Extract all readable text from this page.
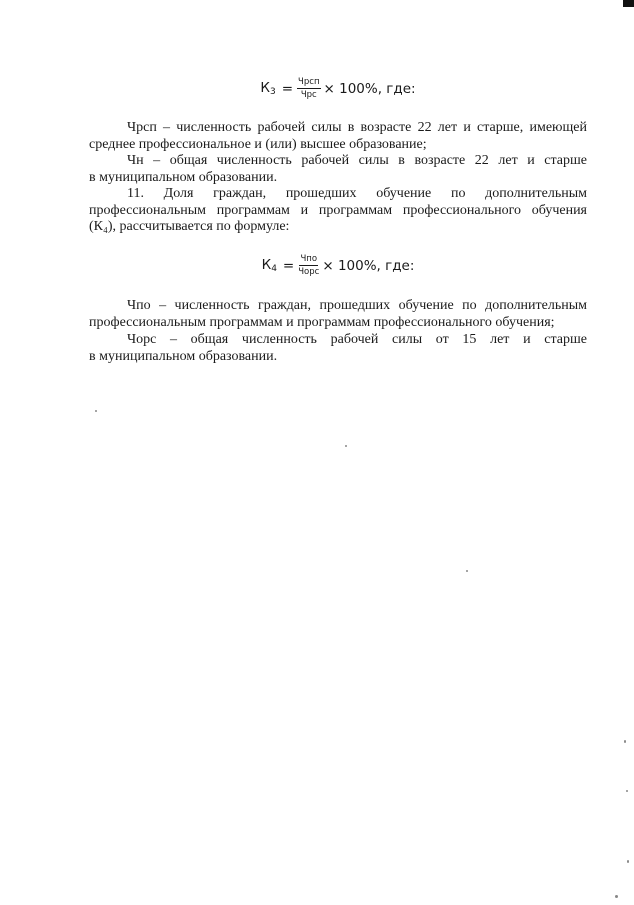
$К_3 = \frac{\text{Чрсп}}{\text{Чрс}} \times 100\%$, где:
Чрсп – численность рабочей силы в возрасте 22 лет и старше, имеющей
среднее профессиональное и (или) высшее образование;
Чн – общая численность рабочей силы в возрасте 22 лет и старше
в муниципальном образовании.
11. Доля граждан, прошедших обучение по дополнительным
профессиональным программам и программам профессионального обучения
(К₄), рассчитывается по формуле:
$К_4 = \frac{\text{Чпо}}{\text{Чорс}} \times 100\%$, где:
Чпо – численность граждан, прошедших обучение по дополнительным
профессиональным программам и программам профессионального обучения;
Чорс – общая численность рабочей силы от 15 лет и старше
в муниципальном образовании.
